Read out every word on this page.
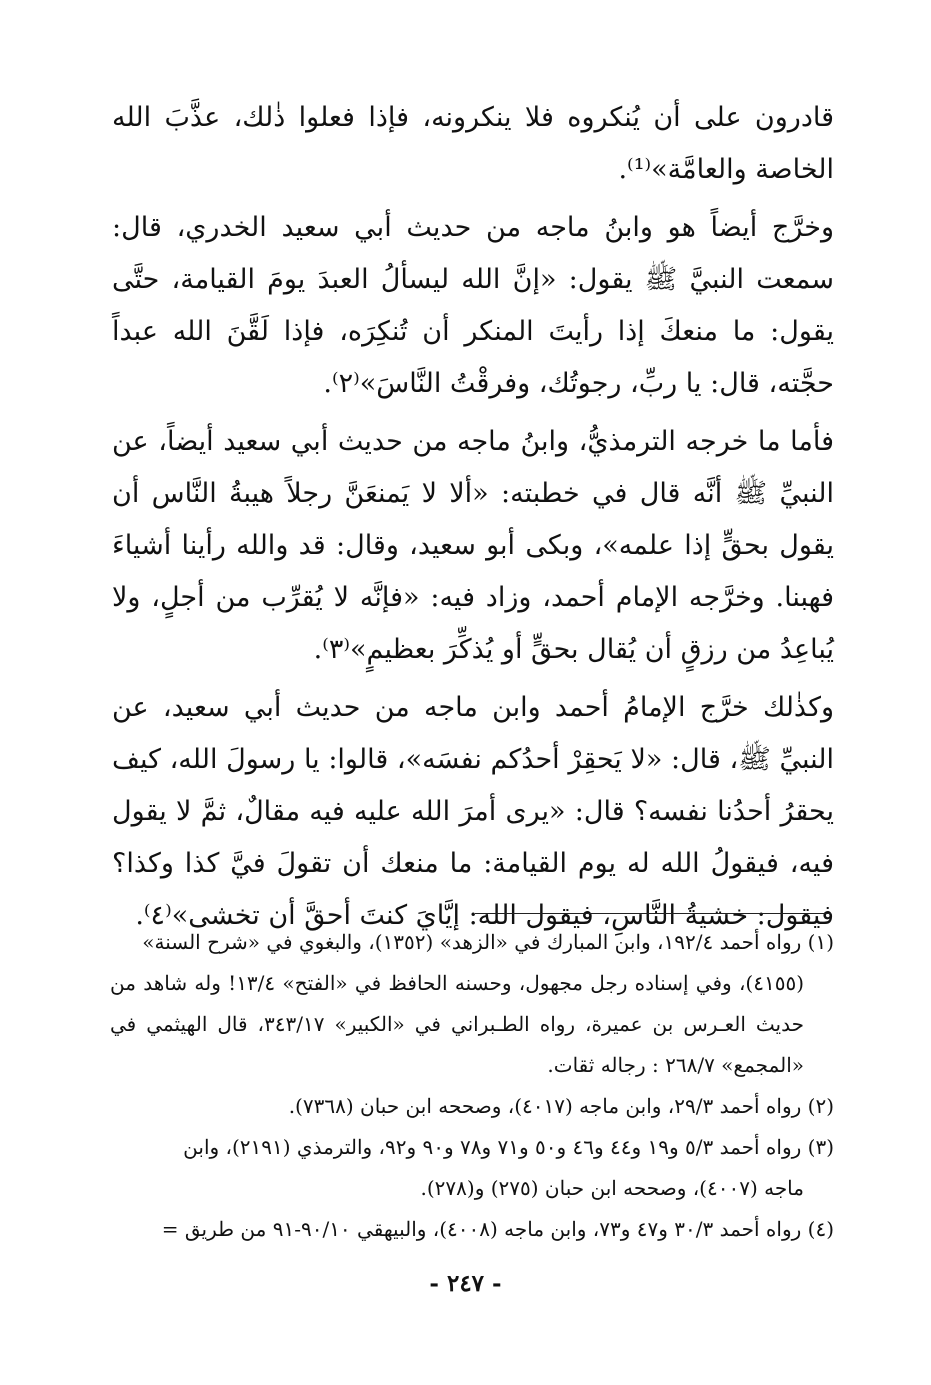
قادرون على أن يُنكروه فلا ينكرونه، فإذا فعلوا ذٰلك، عذَّبَ الله الخاصة والعامَّة»⁽¹⁾.

وخرَّج أيضاً هو وابنُ ماجه من حديث أبي سعيد الخدري، قال: سمعت النبيَّ ﷺ يقول: «إنَّ الله ليسألُ العبدَ يومَ القيامة، حتَّى يقول: ما منعكَ إذا رأيتَ المنكر أن تُنكِرَه، فإذا لَقَّنَ الله عبداً حجَّته، قال: يا ربِّ، رجوتُك، وفرقْتُ النَّاسَ»⁽٢⁾.

فأما ما خرجه الترمذيُّ، وابنُ ماجه من حديث أبي سعيد أيضاً، عن النبيِّ ﷺ أنَّه قال في خطبته: «ألا لا يَمنعَنَّ رجلاً هيبةُ النَّاس أن يقول بحقٍّ إذا علمه»، وبكى أبو سعيد، وقال: قد والله رأينا أشياءَ فهبنا. وخرَّجه الإمام أحمد، وزاد فيه: «فإنَّه لا يُقرِّب من أجلٍ، ولا يُباعِدُ من رزقٍ أن يُقال بحقٍّ أو يُذكِّرَ بعظيمٍ»⁽٣⁾.

وكذٰلك خرَّج الإمامُ أحمد وابن ماجه من حديث أبي سعيد، عن النبيِّ ﷺ، قال: «لا يَحقِرْ أحدُكم نفسَه»، قالوا: يا رسولَ الله، كيف يحقرُ أحدُنا نفسه؟ قال: «يرى أمرَ الله عليه فيه مقالٌ، ثمَّ لا يقول فيه، فيقولُ الله له يوم القيامة: ما منعك أن تقولَ فيَّ كذا وكذا؟ فيقول: خشيةُ النَّاسِ، فيقول الله: إيَّايَ كنتَ أحقَّ أن تخشى»⁽٤⁾.

(١) رواه أحمد ١٩٢/٤، وابن المبارك في «الزهد» (١٣٥٢)، والبغوي في «شرح السنة»

(٤١٥٥)، وفي إسناده رجل مجهول، وحسنه الحافظ في «الفتح» ١٣/٤! وله شاهد من حديث العـرس بن عميرة، رواه الطـبراني في «الكبير» ٣٤٣/١٧، قال الهيثمي في «المجمع» ٢٦٨/٧ : رجاله ثقات.

(٢) رواه أحمد ٢٩/٣، وابن ماجه (٤٠١٧)، وصححه ابن حبان (٧٣٦٨).

(٣) رواه أحمد ٥/٣ و١٩ و٤٤ و٤٦ و٥٠ و٧١ و٧٨ و٩٠ و٩٢، والترمذي (٢١٩١)، وابن

ماجه (٤٠٠٧)، وصححه ابن حبان (٢٧٥) و(٢٧٨).

(٤) رواه أحمد ٣٠/٣ و٤٧ و٧٣، وابن ماجه (٤٠٠٨)، والبيهقي ٩٠/١٠-٩١ من طريق =

- ٢٤٧ -
